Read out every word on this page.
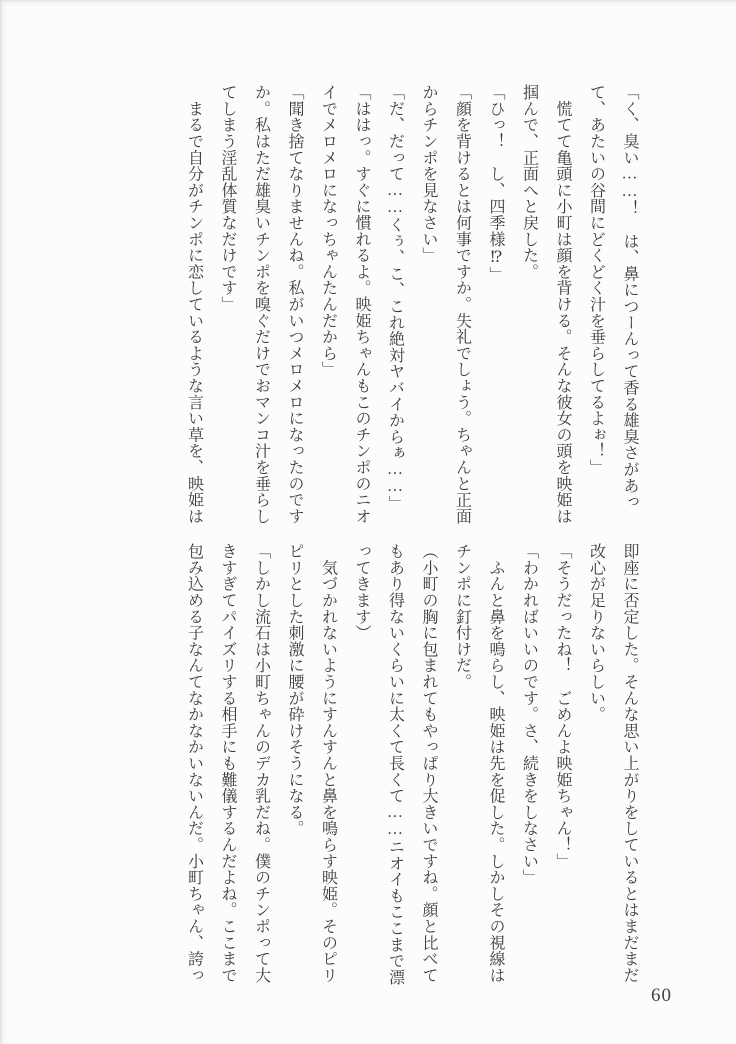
「く、臭い……！　は、鼻につーんって香る雄臭さがあっ

て、あたいの谷間にどくどく汁を垂らしてるよぉ！」

　慌てて亀頭に小町は顔を背ける。そんな彼女の頭を映姫は

掴んで、正面へと戻した。

「ひっ！　し、四季様⁉」

「顔を背けるとは何事ですか。失礼でしょう。ちゃんと正面

からチンポを見なさい」

「だ、だって……くぅ、こ、これ絶対ヤバイからぁ……」

「ははっ。すぐに慣れるよ。映姫ちゃんもこのチンポのニオ

イでメロメロになっちゃんたんだから」

「聞き捨てなりませんね。私がいつメロメロになったのです

か。私はただ雄臭いチンポを嗅ぐだけでおマンコ汁を垂らし

てしまう淫乱体質なだけです」

　まるで自分がチンポに恋しているような言い草を、映姫は

即座に否定した。そんな思い上がりをしているとはまだまだ

改心が足りないらしい。

「そうだったね！　ごめんよ映姫ちゃん！」

「わかればいいのです。さ、続きをしなさい」

　ふんと鼻を鳴らし、映姫は先を促した。しかしその視線は

チンポに釘付けだ。

（小町の胸に包まれてもやっぱり大きいですね。顔と比べて

もあり得ないくらいに太くて長くて……ニオイもここまで漂

ってきます）

　気づかれないようにすんすんと鼻を鳴らす映姫。そのピリ

ピリとした刺激に腰が砕けそうになる。

「しかし流石は小町ちゃんのデカ乳だね。僕のチンポって大

きすぎてパイズリする相手にも難儀するんだよね。ここまで

包み込める子なんてなかなかいないんだ。小町ちゃん、誇っ

60
